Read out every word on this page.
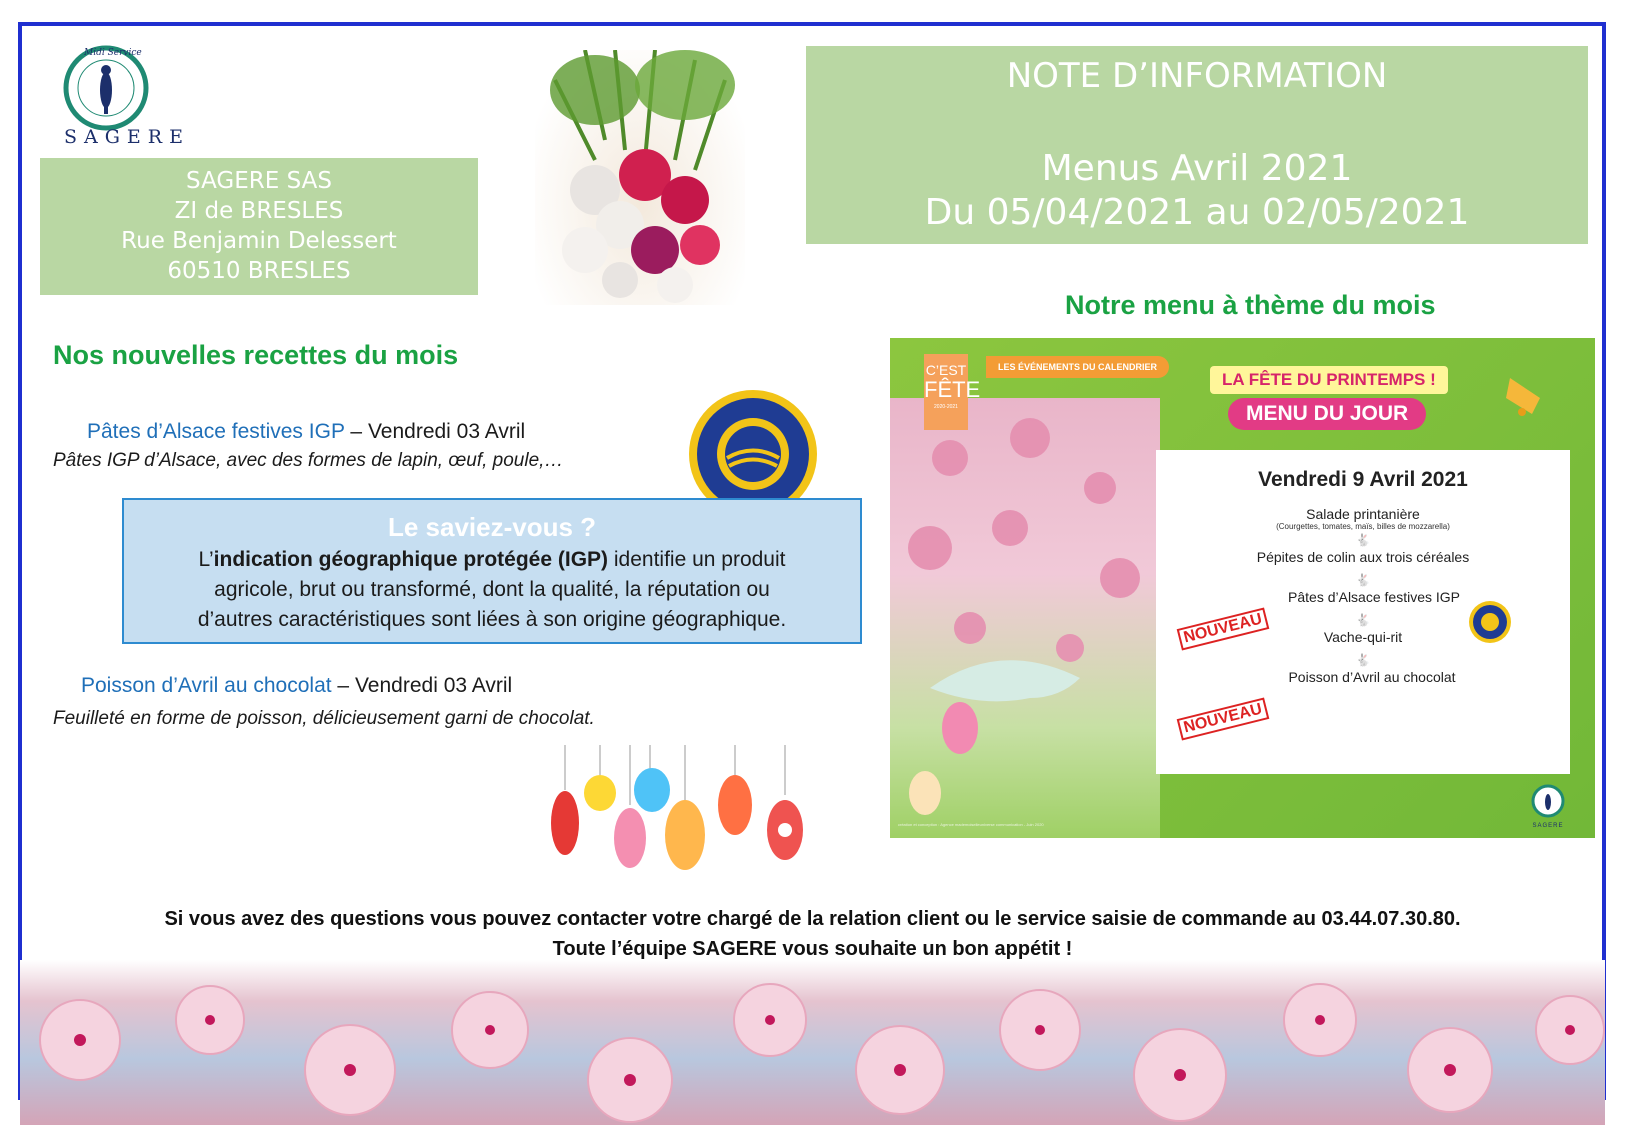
Midi Service
SAGERE
SAGERE SAS
ZI de BRESLES
Rue Benjamin Delessert
60510 BRESLES
NOTE D’INFORMATION
Menus Avril 2021
Du 05/04/2021 au 02/05/2021
Nos nouvelles recettes du mois
Pâtes d’Alsace festives IGP – Vendredi 03 Avril
Pâtes IGP d’Alsace, avec des formes de lapin, œuf, poule,…
Le saviez-vous ?
L’indication géographique protégée (IGP) identifie un produit
agricole, brut ou transformé, dont la qualité, la réputation ou
d’autres caractéristiques sont liées à son origine géographique.
Poisson d’Avril au chocolat – Vendredi 03 Avril
Feuilleté en forme de poisson, délicieusement garni de chocolat.
Notre menu à thème du mois
C’EST
FÊTE
2020-2021
LES ÉVÉNEMENTS DU CALENDRIER
LA FÊTE DU PRINTEMPS !
MENU DU JOUR
Vendredi 9 Avril 2021
Salade printanière
(Courgettes, tomates, maïs, billes de mozzarella)
🐇
Pépites de colin aux trois céréales
🐇
Pâtes d’Alsace festives IGP
🐇
Vache-qui-rit
🐇
Poisson d’Avril au chocolat
NOUVEAU
NOUVEAU
création et conception : Agence mademoiselleuniverse communication - Juin 2020	SAGERE
Si vous avez des questions vous pouvez contacter votre chargé de la relation client ou le service saisie de commande au 03.44.07.30.80.
Toute l’équipe SAGERE vous souhaite un bon appétit !
